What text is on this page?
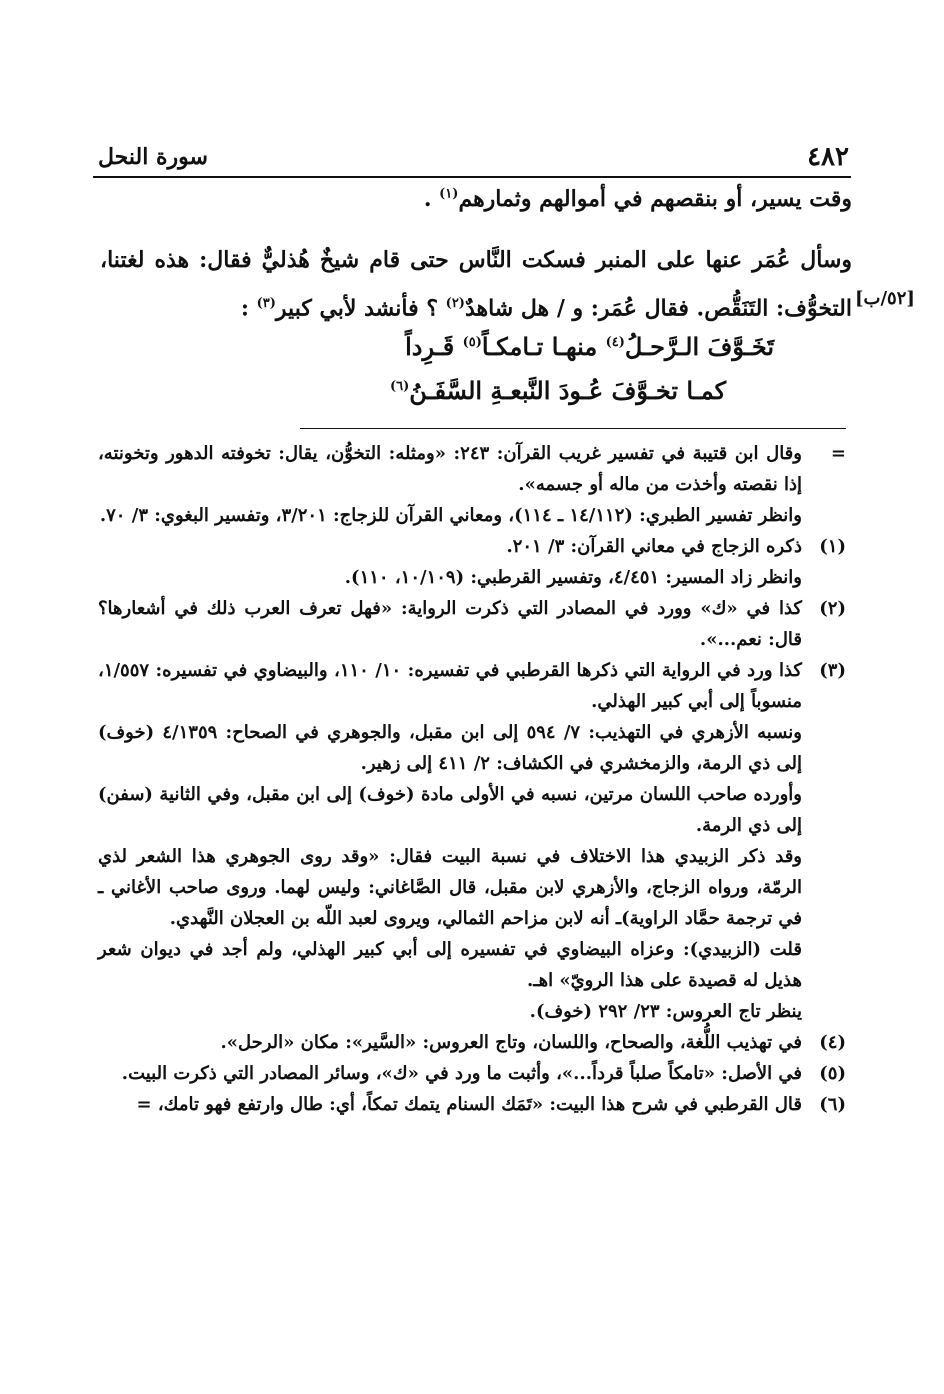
٤٨٢
سورة النحل
[٥٢/ب]
وقت يسير، أو بنقصهم في أموالهم وثمارهم$^{(١)}$ .
وسأل عُمَر عنها على المنبر فسكت النَّاس حتى قام شيخٌ هُذليٌّ فقال: هذه لغتنا، التخوُّف: التَنَقُّص. فقال عُمَر: و / هل شاهدٌ$^{(٢)}$ ؟ فأنشد لأبي كبير$^{(٣)}$ :
تَخَـوَّفَ الـرَّحـلُ$^{(٤)}$ منهـا تـامكـاً$^{(٥)}$ قَـرِداً
كمـا تخـوَّفَ عُـودَ النَّبعـةِ السَّفَـنُ$^{(٦)}$

=
وقال ابن قتيبة في تفسير غريب القرآن: ٢٤٣: «ومثله: التخوُّن، يقال: تخوفته الدهور وتخونته، إذا نقصته وأخذت من ماله أو جسمه».

وانظر تفسير الطبري: (١٤/١١٢ ـ ١١٤)، ومعاني القرآن للزجاج: ٣/٢٠١، وتفسير البغوي: ٣/ ٧٠.

(١)
ذكره الزجاج في معاني القرآن: ٣/ ٢٠١.

وانظر زاد المسير: ٤/٤٥١، وتفسير القرطبي: (١٠/١٠٩، ١١٠).

(٢)
كذا في «ك» وورد في المصادر التي ذكرت الرواية: «فهل تعرف العرب ذلك في أشعارها؟ قال: نعم...».

(٣)
كذا ورد في الرواية التي ذكرها القرطبي في تفسيره: ١٠/ ١١٠، والبيضاوي في تفسيره: ١/٥٥٧، منسوباً إلى أبي كبير الهذلي.

ونسبه الأزهري في التهذيب: ٧/ ٥٩٤ إلى ابن مقبل، والجوهري في الصحاح: ٤/١٣٥٩ (خوف) إلى ذي الرمة، والزمخشري في الكشاف: ٢/ ٤١١ إلى زهير.

وأورده صاحب اللسان مرتين، نسبه في الأولى مادة (خوف) إلى ابن مقبل، وفي الثانية (سفن) إلى ذي الرمة.

وقد ذكر الزبيدي هذا الاختلاف في نسبة البيت فقال: «وقد روى الجوهري هذا الشعر لذي الرمّة، ورواه الزجاج، والأزهري لابن مقبل، قال الصَّاغاني: وليس لهما. وروى صاحب الأغاني ـ في ترجمة حمَّاد الراوية)ـ أنه لابن مزاحم الثمالي، ويروى لعبد اللّه بن العجلان النَّهدي.

قلت (الزبيدي): وعزاه البيضاوي في تفسيره إلى أبي كبير الهذلي، ولم أجد في ديوان شعر هذيل له قصيدة على هذا الرويّ» اهـ.

ينظر تاج العروس: ٢٣/ ٢٩٢ (خوف).

(٤)
في تهذيب اللُّغة، والصحاح، واللسان، وتاج العروس: «السَّير»: مكان «الرحل».

(٥)
في الأصل: «تامكاً صلباً قرداً...»، وأثبت ما ورد في «ك»، وسائر المصادر التي ذكرت البيت.

(٦)
قال القرطبي في شرح هذا البيت: «تَمَك السنام يتمك تمكاً، أي: طال وارتفع فهو تامك، =
